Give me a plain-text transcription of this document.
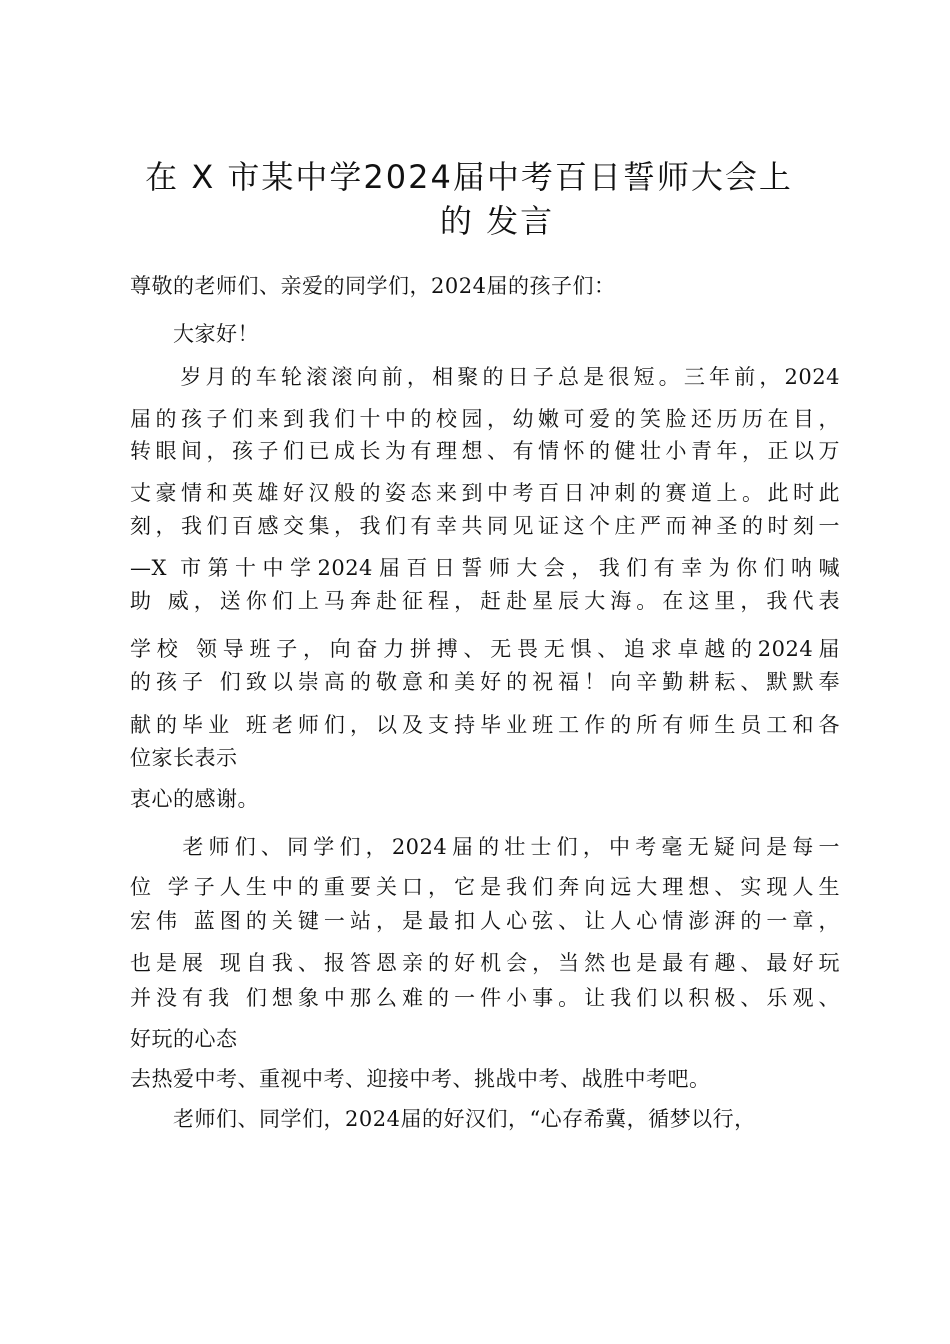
在 X 市某中学2024届中考百日誓师大会上
的 发言
尊敬的老师们、亲爱的同学们，2024届的孩子们：
　　大家好！
　　岁月的车轮滚滚向前，相聚的日子总是很短。三年前，2024
届的孩子们来到我们十中的校园，幼嫩可爱的笑脸还历历在目，
转眼间，孩子们已成长为有理想、有情怀的健壮小青年，正以万
丈豪情和英雄好汉般的姿态来到中考百日冲刺的赛道上。此时此
刻，我们百感交集，我们有幸共同见证这个庄严而神圣的时刻一
—X 市第十中学2024届百日誓师大会，我们有幸为你们呐喊
助 威，送你们上马奔赴征程，赶赴星辰大海。在这里，我代表
学校 领导班子，向奋力拼搏、无畏无惧、追求卓越的2024届
的孩子 们致以崇高的敬意和美好的祝福！向辛勤耕耘、默默奉
献的毕业 班老师们，以及支持毕业班工作的所有师生员工和各
位家长表示
衷心的感谢。
　　老师们、同学们，2024届的壮士们，中考毫无疑问是每一
位 学子人生中的重要关口，它是我们奔向远大理想、实现人生
宏伟 蓝图的关键一站，是最扣人心弦、让人心情澎湃的一章，
也是展 现自我、报答恩亲的好机会，当然也是最有趣、最好玩
并没有我 们想象中那么难的一件小事。让我们以积极、乐观、
好玩的心态
去热爱中考、重视中考、迎接中考、挑战中考、战胜中考吧。
　　老师们、同学们，2024届的好汉们，“心存希冀，循梦以行，
